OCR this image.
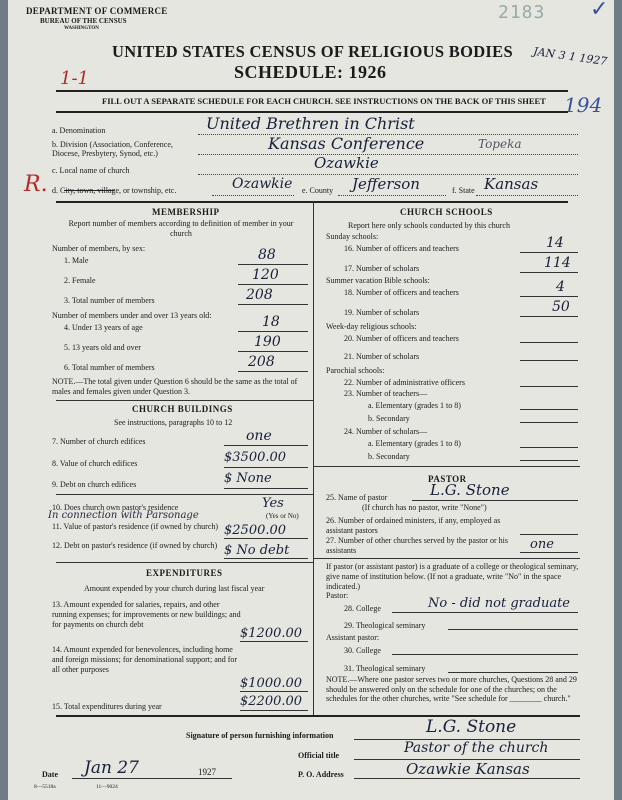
DEPARTMENT OF COMMERCE
BUREAU OF THE CENSUS
WASHINGTON
2183 ✓
UNITED STATES CENSUS OF RELIGIOUS BODIES
SCHEDULE: 1926
JAN 3 1 1927
1-1
FILL OUT A SEPARATE SCHEDULE FOR EACH CHURCH. SEE INSTRUCTIONS ON THE BACK OF THIS SHEET 194
a. Denomination	United Brethren in Christ
b. Division (Association, Conference, Diocese, Presbytery, Synod, etc.)
Kansas Conference	Topeka
c. Local name of church	Ozawkie
R. d. City, town, village, or township, etc.	Ozawkie e. County Jefferson	f. State Kansas
MEMBERSHIP
Report number of members according to definition of member in your church
Number of members, by sex:
1. Male	88
2. Female	120
3. Total number of members	208
Number of members under and over 13 years old:
4. Under 13 years of age	18
5. 13 years old and over	190
6. Total number of members	208
NOTE.—The total given under Question 6 should be the same as the total of males and females given under Question 3.
CHURCH BUILDINGS
See instructions, paragraphs 10 to 12
7. Number of church edifices	one
8. Value of church edifices	$3500.00
9. Debt on church edifices	$ None
10. Does church own pastor's residence
(Yes or No)
Yes
In connection with Parsonage
11. Value of pastor's residence (if owned by church) $2500.00
12. Debt on pastor's residence (if owned by church) $ No debt
EXPENDITURES
Amount expended by your church during last fiscal year
13. Amount expended for salaries, repairs, and other running expenses; for improvements or new buildings; and for payments on church debt
$1200.00
14. Amount expended for benevolences, including home and foreign missions; for denominational support; and for all other purposes
$1000.00
15. Total expenditures during year	$2200.00
CHURCH SCHOOLS
Report here only schools conducted by this church
Sunday schools:
16. Number of officers and teachers	14
17. Number of scholars	114
Summer vacation Bible schools:
18. Number of officers and teachers	4
19. Number of scholars	50
Week-day religious schools:
20. Number of officers and teachers
21. Number of scholars
Parochial schools:
22. Number of administrative officers
23. Number of teachers—
a. Elementary (grades 1 to 8)
b. Secondary
24. Number of scholars—
a. Elementary (grades 1 to 8)
b. Secondary
PASTOR
25. Name of pastor	L.G. Stone
(If church has no pastor, write "None")
26. Number of ordained ministers, if any, employed as assistant pastors
27. Number of other churches served by the pastor or his assistants	one
If pastor (or assistant pastor) is a graduate of a college or theological seminary, give name of institution below. (If not a graduate, write "No" in the space indicated.)
Pastor:
28. College	No - did not graduate
29. Theological seminary
Assistant pastor:
30. College
31. Theological seminary
NOTE.—Where one pastor serves two or more churches, Questions 28 and 29 should be answered only on the schedule for one of the churches; on the schedules for the other churches, write "See schedule for ________ church."
Signature of person furnishing information	L.G. Stone
Official title	Pastor of the church
Date Jan 27	1927	P. O. Address	Ozawkie Kansas
8—5518a	11—9024
